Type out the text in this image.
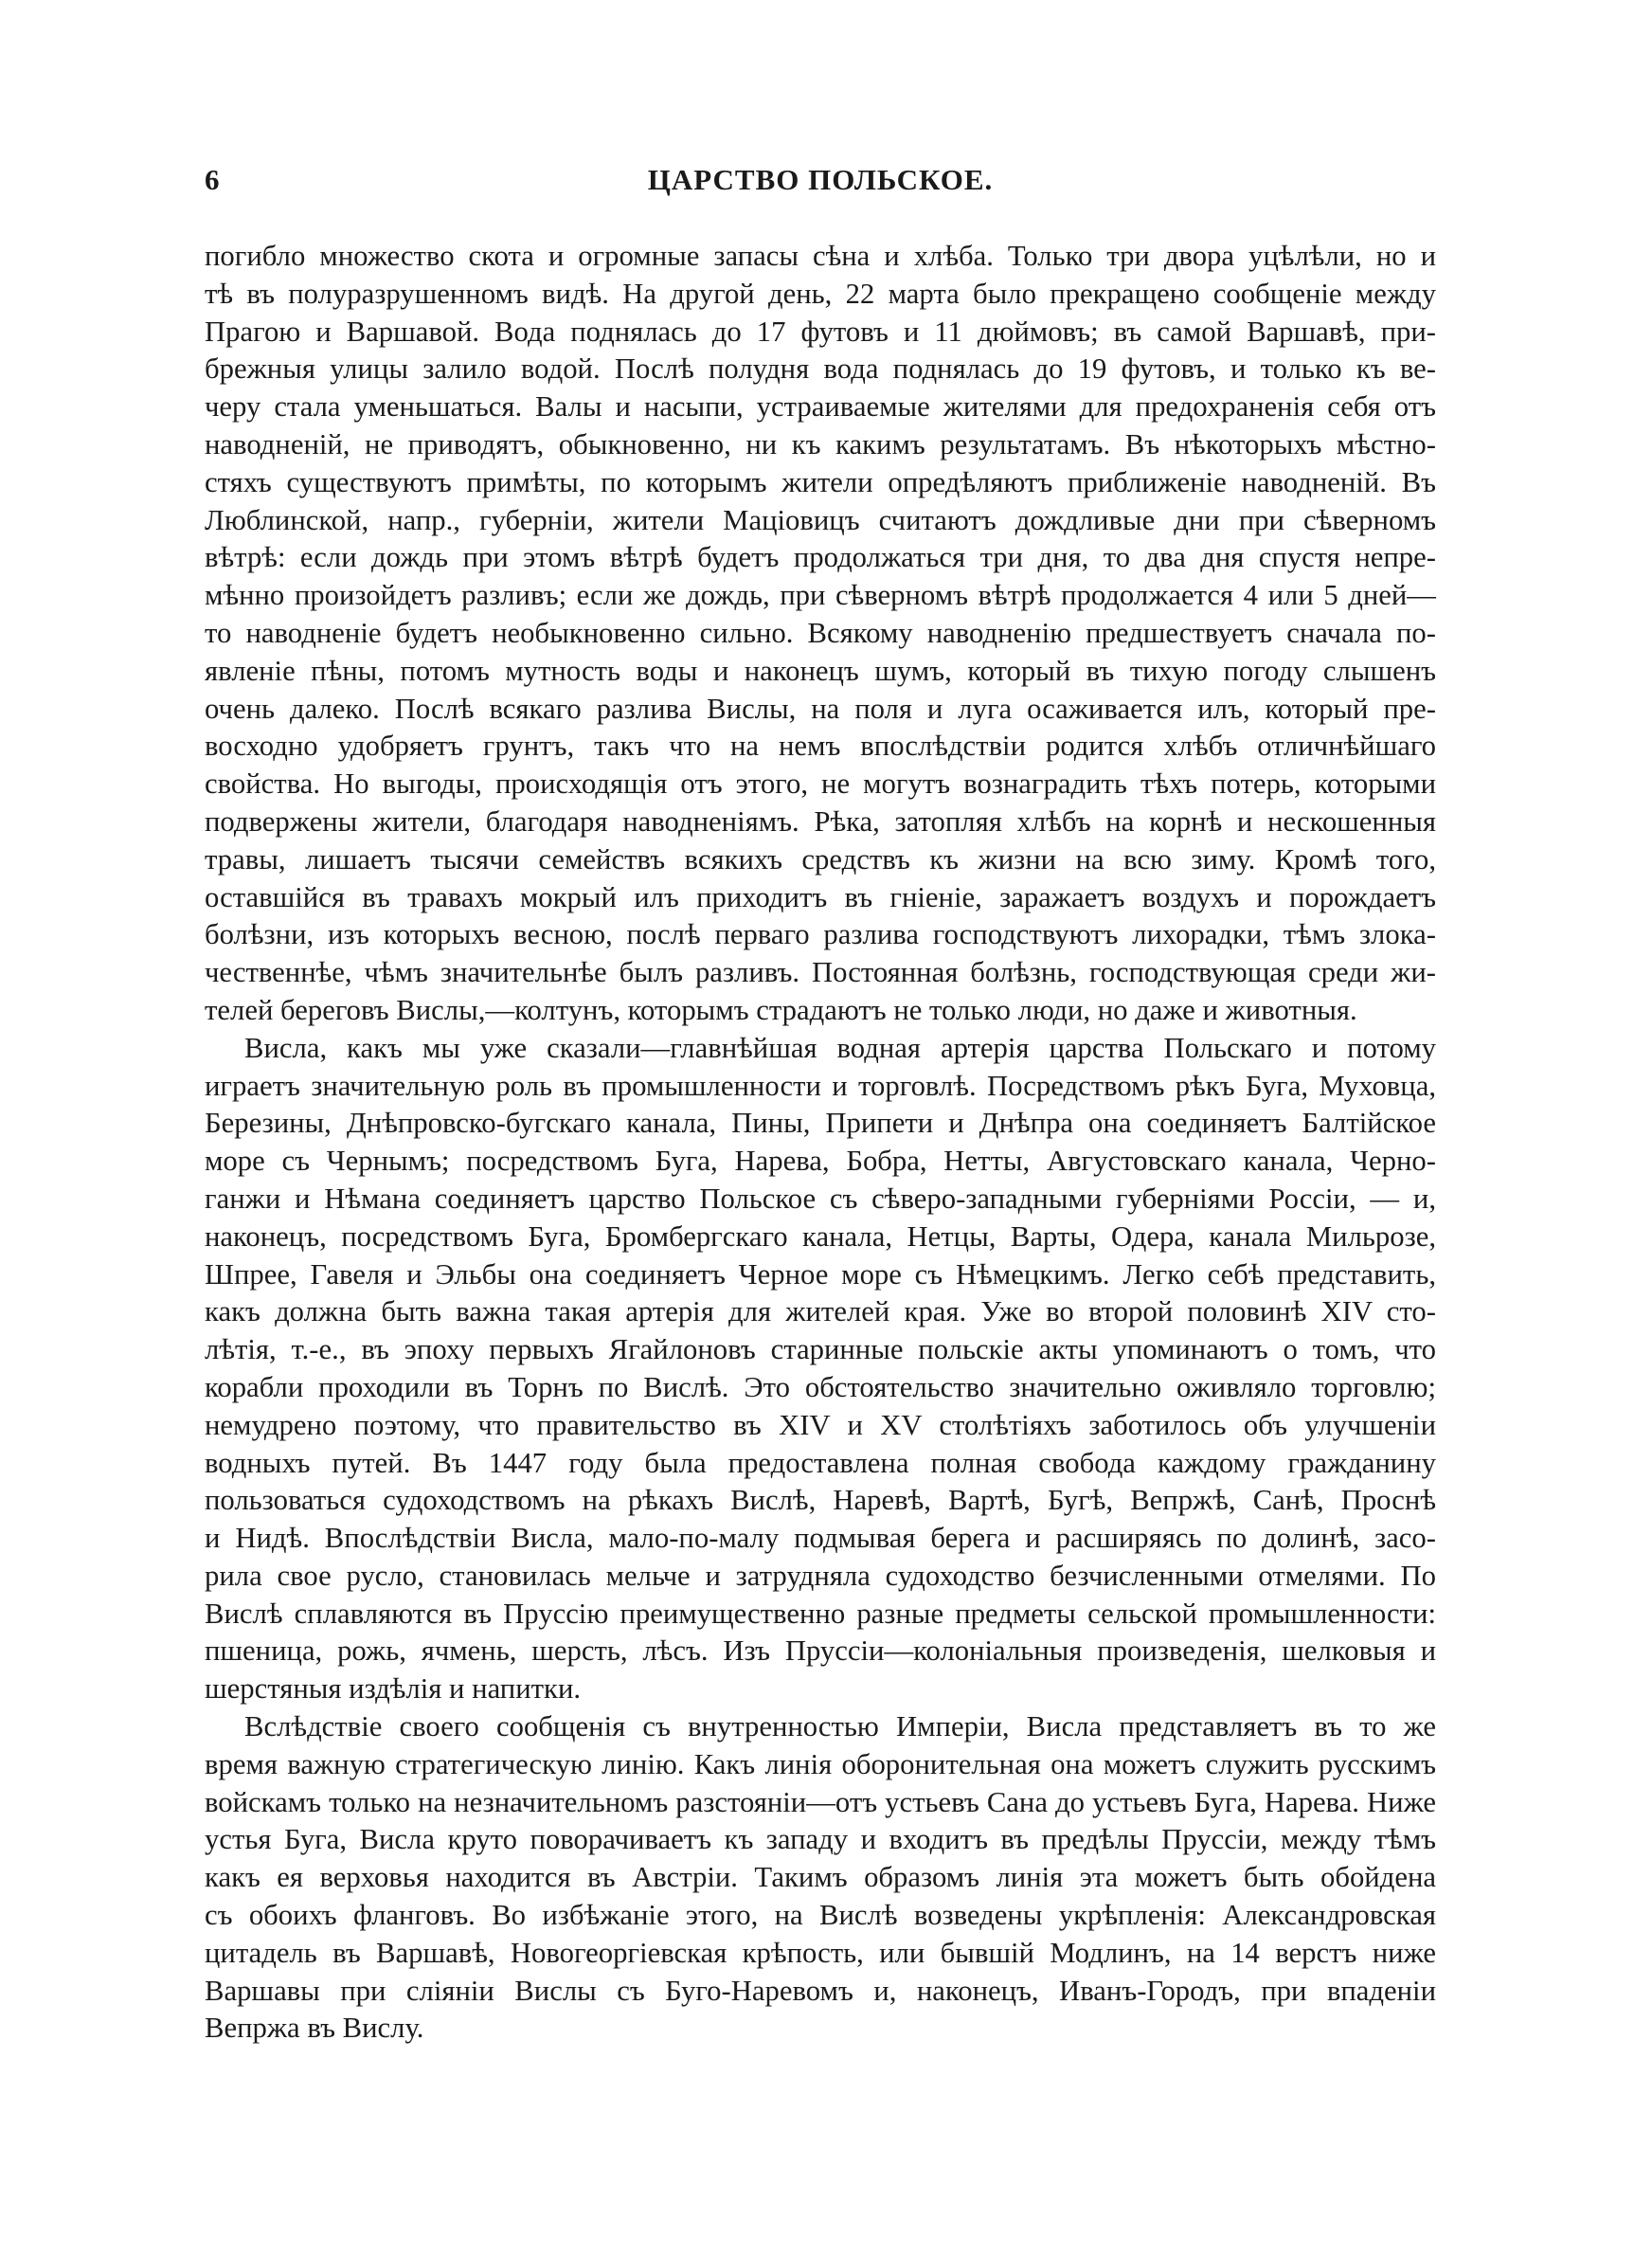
6	ЦАРСТВО ПОЛЬСКОЕ.

погибло множество скота и огромные запасы сѣна и хлѣба. Только три двора уцѣлѣли, но и
тѣ въ полуразрушенномъ видѣ. На другой день, 22 марта было прекращено сообщеніе между
Прагою и Варшавой. Вода поднялась до 17 футовъ и 11 дюймовъ; въ самой Варшавѣ, при-
брежныя улицы залило водой. Послѣ полудня вода поднялась до 19 футовъ, и только къ ве-
черу стала уменьшаться. Валы и насыпи, устраиваемые жителями для предохраненія себя отъ
наводненій, не приводятъ, обыкновенно, ни къ какимъ результатамъ. Въ нѣкоторыхъ мѣстно-
стяхъ существуютъ примѣты, по которымъ жители опредѣляютъ приближеніе наводненій. Въ
Люблинской, напр., губерніи, жители Маціовицъ считаютъ дождливые дни при сѣверномъ
вѣтрѣ: если дождь при этомъ вѣтрѣ будетъ продолжаться три дня, то два дня спустя непре-
мѣнно произойдетъ разливъ; если же дождь, при сѣверномъ вѣтрѣ продолжается 4 или 5 дней—
то наводненіе будетъ необыкновенно сильно. Всякому наводненію предшествуетъ сначала по-
явленіе пѣны, потомъ мутность воды и наконецъ шумъ, который въ тихую погоду слышенъ
очень далеко. Послѣ всякаго разлива Вислы, на поля и луга осаживается илъ, который пре-
восходно удобряетъ грунтъ, такъ что на немъ впослѣдствіи родится хлѣбъ отличнѣйшаго
свойства. Но выгоды, происходящія отъ этого, не могутъ вознаградить тѣхъ потерь, которыми
подвержены жители, благодаря наводненіямъ. Рѣка, затопляя хлѣбъ на корнѣ и нескошенныя
травы, лишаетъ тысячи семействъ всякихъ средствъ къ жизни на всю зиму. Кромѣ того,
оставшійся въ травахъ мокрый илъ приходитъ въ гніеніе, заражаетъ воздухъ и порождаетъ
болѣзни, изъ которыхъ весною, послѣ перваго разлива господствуютъ лихорадки, тѣмъ злока-
чественнѣе, чѣмъ значительнѣе былъ разливъ. Постоянная болѣзнь, господствующая среди жи-
телей береговъ Вислы,—колтунъ, которымъ страдаютъ не только люди, но даже и животныя.

Висла, какъ мы уже сказали—главнѣйшая водная артерія царства Польскаго и потому
играетъ значительную роль въ промышленности и торговлѣ. Посредствомъ рѣкъ Буга, Муховца,
Березины, Днѣпровско-бугскаго канала, Пины, Припети и Днѣпра она соединяетъ Балтійское
море съ Чернымъ; посредствомъ Буга, Нарева, Бобра, Нетты, Августовскаго канала, Черно-
ганжи и Нѣмана соединяетъ царство Польское съ сѣверо-западными губерніями Россіи, — и,
наконецъ, посредствомъ Буга, Бромбергскаго канала, Нетцы, Варты, Одера, канала Мильрозе,
Шпрее, Гавеля и Эльбы она соединяетъ Черное море съ Нѣмецкимъ. Легко себѣ представить,
какъ должна быть важна такая артерія для жителей края. Уже во второй половинѣ XIV сто-
лѣтія, т.-е., въ эпоху первыхъ Ягайлоновъ старинные польскіе акты упоминаютъ о томъ, что
корабли проходили въ Торнъ по Вислѣ. Это обстоятельство значительно оживляло торговлю;
немудрено поэтому, что правительство въ XIV и XV столѣтіяхъ заботилось объ улучшеніи
водныхъ путей. Въ 1447 году была предоставлена полная свобода каждому гражданину
пользоваться судоходствомъ на рѣкахъ Вислѣ, Наревѣ, Вартѣ, Бугѣ, Вепржѣ, Санѣ, Проснѣ
и Нидѣ. Впослѣдствіи Висла, мало-по-малу подмывая берега и расширяясь по долинѣ, засо-
рила свое русло, становилась мельче и затрудняла судоходство безчисленными отмелями. По
Вислѣ сплавляются въ Пруссію преимущественно разные предметы сельской промышленности:
пшеница, рожь, ячмень, шерсть, лѣсъ. Изъ Пруссіи—колоніальныя произведенія, шелковыя и
шерстяныя издѣлія и напитки.

Вслѣдствіе своего сообщенія съ внутренностью Имперіи, Висла представляетъ въ то же
время важную стратегическую линію. Какъ линія оборонительная она можетъ служить русскимъ
войскамъ только на незначительномъ разстояніи—отъ устьевъ Сана до устьевъ Буга, Нарева. Ниже
устья Буга, Висла круто поворачиваетъ къ западу и входитъ въ предѣлы Пруссіи, между тѣмъ
какъ ея верховья находится въ Австріи. Такимъ образомъ линія эта можетъ быть обойдена
съ обоихъ фланговъ. Во избѣжаніе этого, на Вислѣ возведены укрѣпленія: Александровская
цитадель въ Варшавѣ, Новогеоргіевская крѣпость, или бывшій Модлинъ, на 14 верстъ ниже
Варшавы при сліяніи Вислы съ Буго-Наревомъ и, наконецъ, Иванъ-Городъ, при впаденіи
Вепржа въ Вислу.
